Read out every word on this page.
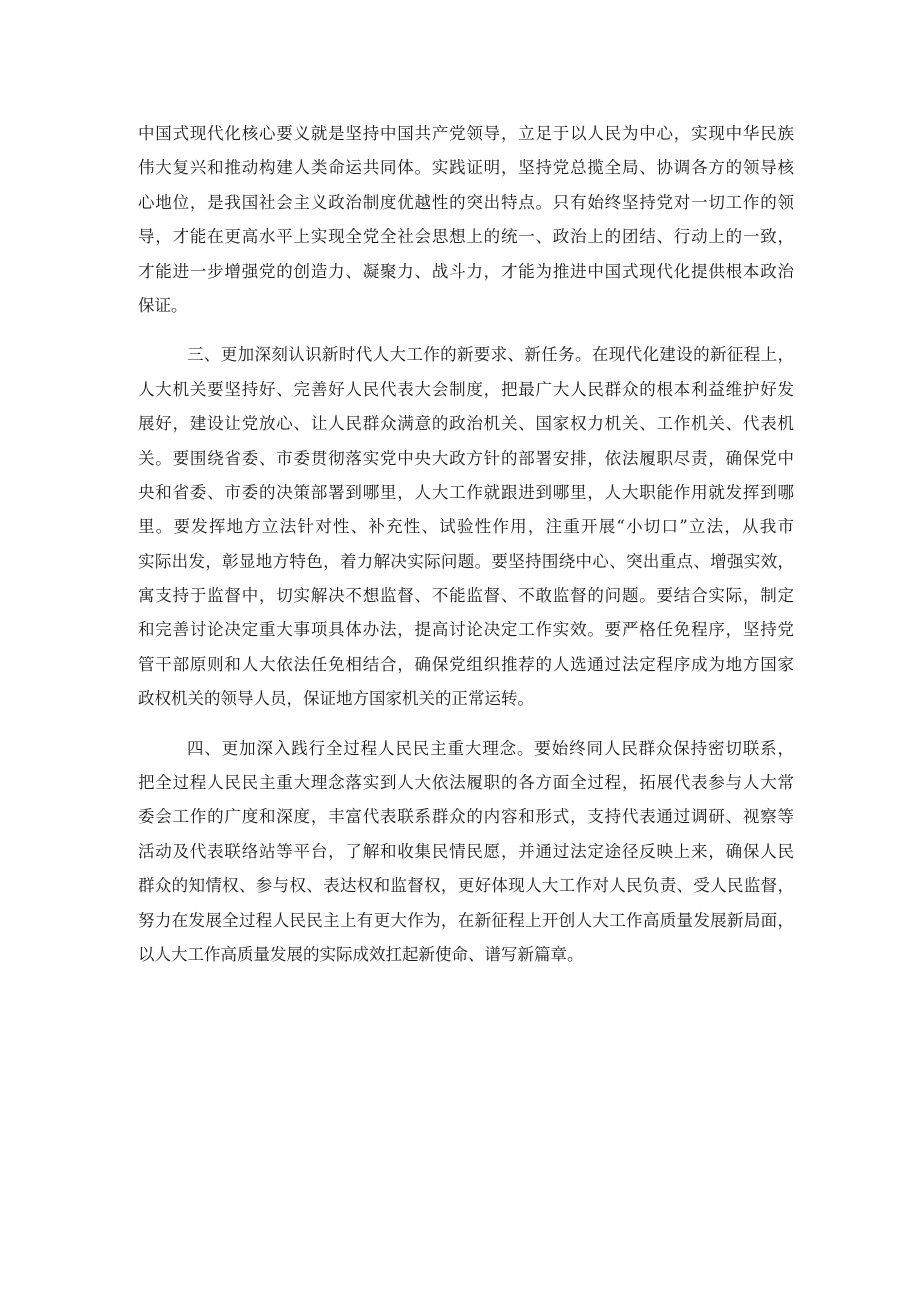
中国式现代化核心要义就是坚持中国共产党领导，立足于以人民为中心，实现中华民族
伟大复兴和推动构建人类命运共同体。实践证明，坚持党总揽全局、协调各方的领导核
心地位，是我国社会主义政治制度优越性的突出特点。只有始终坚持党对一切工作的领
导，才能在更高水平上实现全党全社会思想上的统一、政治上的团结、行动上的一致，
才能进一步增强党的创造力、凝聚力、战斗力，才能为推进中国式现代化提供根本政治
保证。
三、更加深刻认识新时代人大工作的新要求、新任务。在现代化建设的新征程上，
人大机关要坚持好、完善好人民代表大会制度，把最广大人民群众的根本利益维护好发
展好，建设让党放心、让人民群众满意的政治机关、国家权力机关、工作机关、代表机
关。要围绕省委、市委贯彻落实党中央大政方针的部署安排，依法履职尽责，确保党中
央和省委、市委的决策部署到哪里，人大工作就跟进到哪里，人大职能作用就发挥到哪
里。要发挥地方立法针对性、补充性、试验性作用，注重开展“小切口”立法，从我市
实际出发，彰显地方特色，着力解决实际问题。要坚持围绕中心、突出重点、增强实效，
寓支持于监督中，切实解决不想监督、不能监督、不敢监督的问题。要结合实际，制定
和完善讨论决定重大事项具体办法，提高讨论决定工作实效。要严格任免程序，坚持党
管干部原则和人大依法任免相结合，确保党组织推荐的人选通过法定程序成为地方国家
政权机关的领导人员，保证地方国家机关的正常运转。
四、更加深入践行全过程人民民主重大理念。要始终同人民群众保持密切联系，
把全过程人民民主重大理念落实到人大依法履职的各方面全过程，拓展代表参与人大常
委会工作的广度和深度，丰富代表联系群众的内容和形式，支持代表通过调研、视察等
活动及代表联络站等平台，了解和收集民情民愿，并通过法定途径反映上来，确保人民
群众的知情权、参与权、表达权和监督权，更好体现人大工作对人民负责、受人民监督，
努力在发展全过程人民民主上有更大作为，在新征程上开创人大工作高质量发展新局面，
以人大工作高质量发展的实际成效扛起新使命、谱写新篇章。
